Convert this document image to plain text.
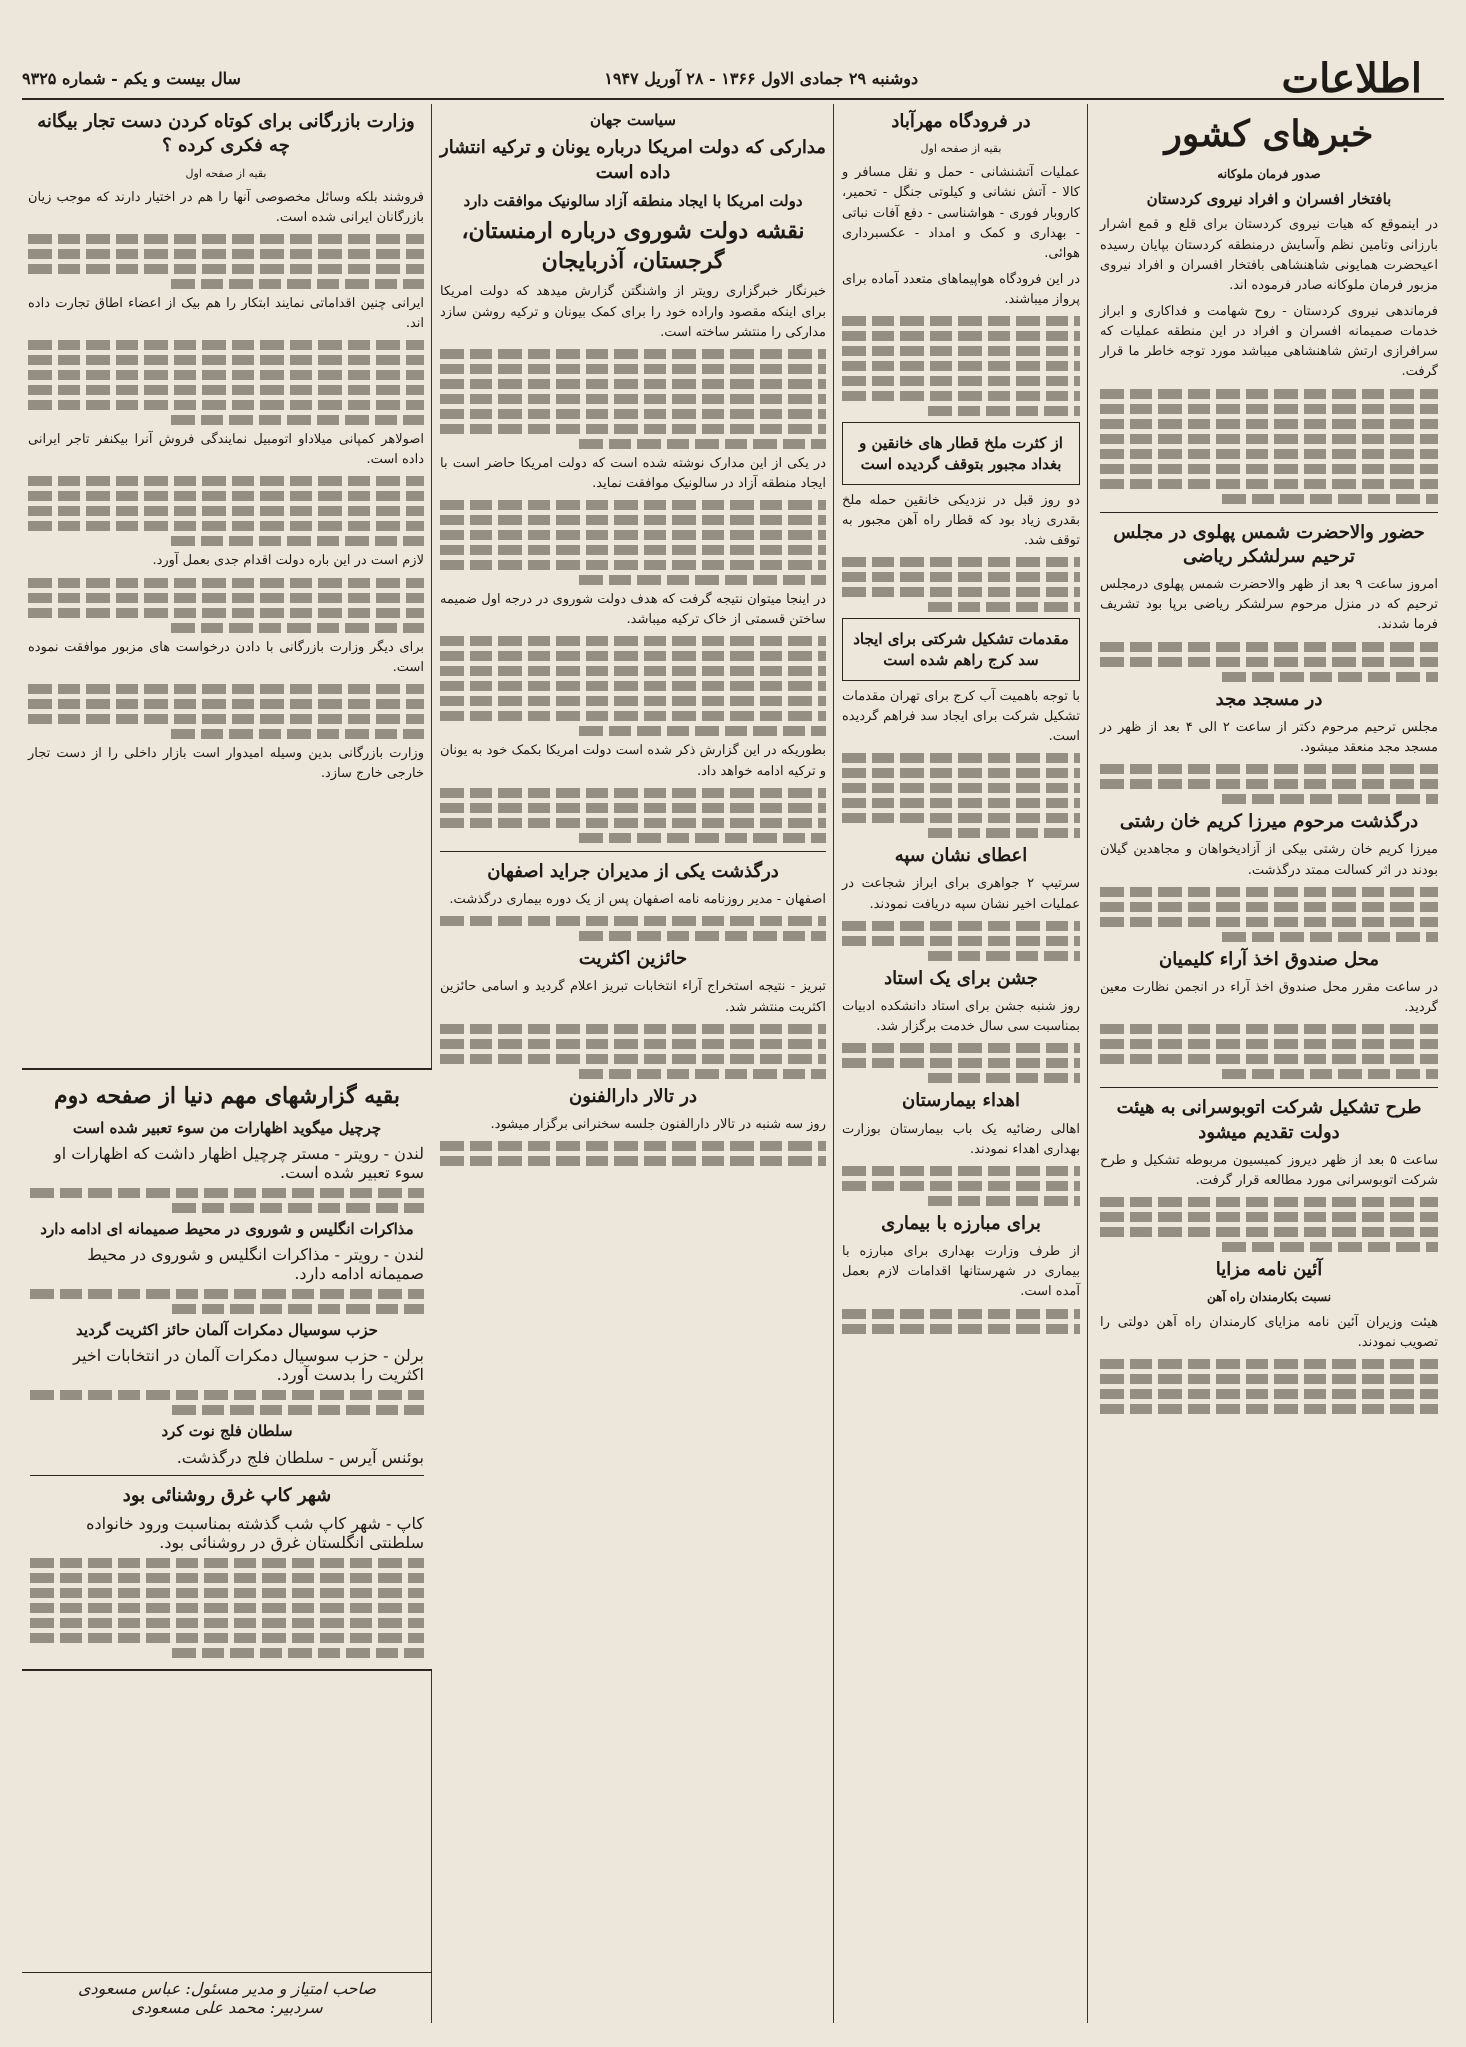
اطلاعات
دوشنبه ۲۹ جمادی الاول ۱۳۶۶ - ۲۸ آوریل ۱۹۴۷
سال بیست و یکم - شماره ۹۳۲۵
خبرهای کشور
صدور فرمان ملوکانه
بافتخار افسران و افراد نیروی کردستان

در اینموقع که هیات نیروی کردستان برای قلع و قمع اشرار بارزانی وتامین نظم وآسایش درمنطقه کردستان بپایان رسیده اعیحضرت همایونی شاهنشاهی بافتخار افسران و افراد نیروی مزبور فرمان ملوکانه صادر فرموده اند.

فرماندهی نیروی کردستان - روح شهامت و فداکاری و ابراز خدمات صمیمانه افسران و افراد در این منطقه عملیات که سرافرازی ارتش شاهنشاهی میباشد مورد توجه خاطر ما قرار گرفت.

حضور والاحضرت شمس پهلوی در مجلس ترحیم سرلشکر ریاضی

امروز ساعت ۹ بعد از ظهر والاحضرت شمس پهلوی درمجلس ترحیم که در منزل مرحوم سرلشکر ریاضی برپا بود تشریف فرما شدند.

در مسجد مجد

مجلس ترحیم مرحوم دکتر از ساعت ۲ الی ۴ بعد از ظهر در مسجد مجد منعقد میشود.

درگذشت مرحوم میرزا کریم خان رشتی

میرزا کریم خان رشتی بیکی از آزادیخواهان و مجاهدین گیلان بودند در اثر کسالت ممتد درگذشت.

محل صندوق اخذ آراء کلیمیان

در ساعت مقرر محل صندوق اخذ آراء در انجمن نظارت معین گردید.

طرح تشکیل شرکت اتوبوسرانی به هیئت دولت تقدیم میشود

ساعت ۵ بعد از ظهر دیروز کمیسیون مربوطه تشکیل و طرح شرکت اتوبوسرانی مورد مطالعه قرار گرفت.

آئین نامه مزایا
نسبت بکارمندان راه آهن

هیئت وزیران آئین نامه مزایای کارمندان راه آهن دولتی را تصویب نمودند.

در فرودگاه مهرآباد
بقیه از صفحه اول

عملیات آتشنشانی - حمل و نقل مسافر و کالا - آتش نشانی و کیلوتی جنگل - تحمیر، کاروبار فوری - هواشناسی - دفع آفات نباتی - بهداری و کمک و امداد - عکسبرداری هوائی.

در این فرودگاه هواپیماهای متعدد آماده برای پرواز میباشند.

از کثرت ملخ قطار های خانقین و بغداد مجبور بتوقف گردیده است

دو روز قبل در نزدیکی خانقین حمله ملخ بقدری زیاد بود که قطار راه آهن مجبور به توقف شد.

مقدمات تشکیل شرکتی برای ایجاد سد کرج راهم شده است

با توجه باهمیت آب کرج برای تهران مقدمات تشکیل شرکت برای ایجاد سد فراهم گردیده است.

اعطای نشان سپه

سرتیپ ۲ جواهری برای ابراز شجاعت در عملیات اخیر نشان سپه دریافت نمودند.

جشن برای یک استاد

روز شنبه جشن برای استاد دانشکده ادبیات بمناسبت سی سال خدمت برگزار شد.

اهداء بیمارستان

اهالی رضائیه یک باب بیمارستان بوزارت بهداری اهداء نمودند.

برای مبارزه با بیماری

از طرف وزارت بهداری برای مبارزه با بیماری در شهرستانها اقدامات لازم بعمل آمده است.

سیاست جهان
مدارکی که دولت امریکا درباره یونان و ترکیه انتشار داده است
دولت امریکا با ایجاد منطقه آزاد سالونیک موافقت دارد
نقشه دولت شوروی درباره ارمنستان، گرجستان، آذربایجان

خبرنگار خبرگزاری رویتر از واشنگتن گزارش میدهد که دولت امریکا برای اینکه مقصود واراده خود را برای کمک بیونان و ترکیه روشن سازد مدارکی را منتشر ساخته است.

در یکی از این مدارک نوشته شده است که دولت امریکا حاضر است با ایجاد منطقه آزاد در سالونیک موافقت نماید.

در اینجا میتوان نتیجه گرفت که هدف دولت شوروی در درجه اول ضمیمه ساختن قسمتی از خاک ترکیه میباشد.

بطوریکه در این گزارش ذکر شده است دولت امریکا بکمک خود به یونان و ترکیه ادامه خواهد داد.

درگذشت یکی از مدیران جراید اصفهان

اصفهان - مدیر روزنامه نامه اصفهان پس از یک دوره بیماری درگذشت.

حائزین اکثریت

تبریز - نتیجه استخراج آراء انتخابات تبریز اعلام گردید و اسامی حائزین اکثریت منتشر شد.

در تالار دارالفنون

روز سه شنبه در تالار دارالفنون جلسه سخنرانی برگزار میشود.

وزارت بازرگانی برای کوتاه کردن دست تجار بیگانه چه فکری کرده ؟
بقیه از صفحه اول

فروشند بلکه وسائل مخصوصی آنها را هم در اختیار دارند که موجب زیان بازرگانان ایرانی شده است.

ایرانی چنین اقداماتی نمایند ابتکار را هم بیک از اعضاء اطاق تجارت داده اند.

اصولاهر کمپانی میلاداو اتومبیل نمایندگی فروش آنرا بیکنفر تاجر ایرانی داده است.

لازم است در این باره دولت اقدام جدی بعمل آورد.

برای دیگر وزارت بازرگانی با دادن درخواست های مزبور موافقت نموده است.

وزارت بازرگانی بدین وسیله امیدوار است بازار داخلی را از دست تجار خارجی خارج سازد.

بقیه گزارشهای مهم دنیا از صفحه دوم
چرچیل میگوید اظهارات من سوء تعبیر شده است

لندن - رویتر - مستر چرچیل اظهار داشت که اظهارات او سوء تعبیر شده است.

مذاکرات انگلیس و شوروی در محیط صمیمانه ای ادامه دارد

لندن - رویتر - مذاکرات انگلیس و شوروی در محیط صمیمانه ادامه دارد.

حزب سوسیال دمکرات آلمان حائز اکثریت گردید

برلن - حزب سوسیال دمکرات آلمان در انتخابات اخیر اکثریت را بدست آورد.

سلطان فلج نوت کرد

بوئنس آیرس - سلطان فلج درگذشت.

شهر کاپ غرق روشنائی بود

کاپ - شهر کاپ شب گذشته بمناسبت ورود خانواده سلطنتی انگلستان غرق در روشنائی بود.

صاحب امتیاز و مدیر مسئول: عباس مسعودی
سردبیر: محمد علی مسعودی
